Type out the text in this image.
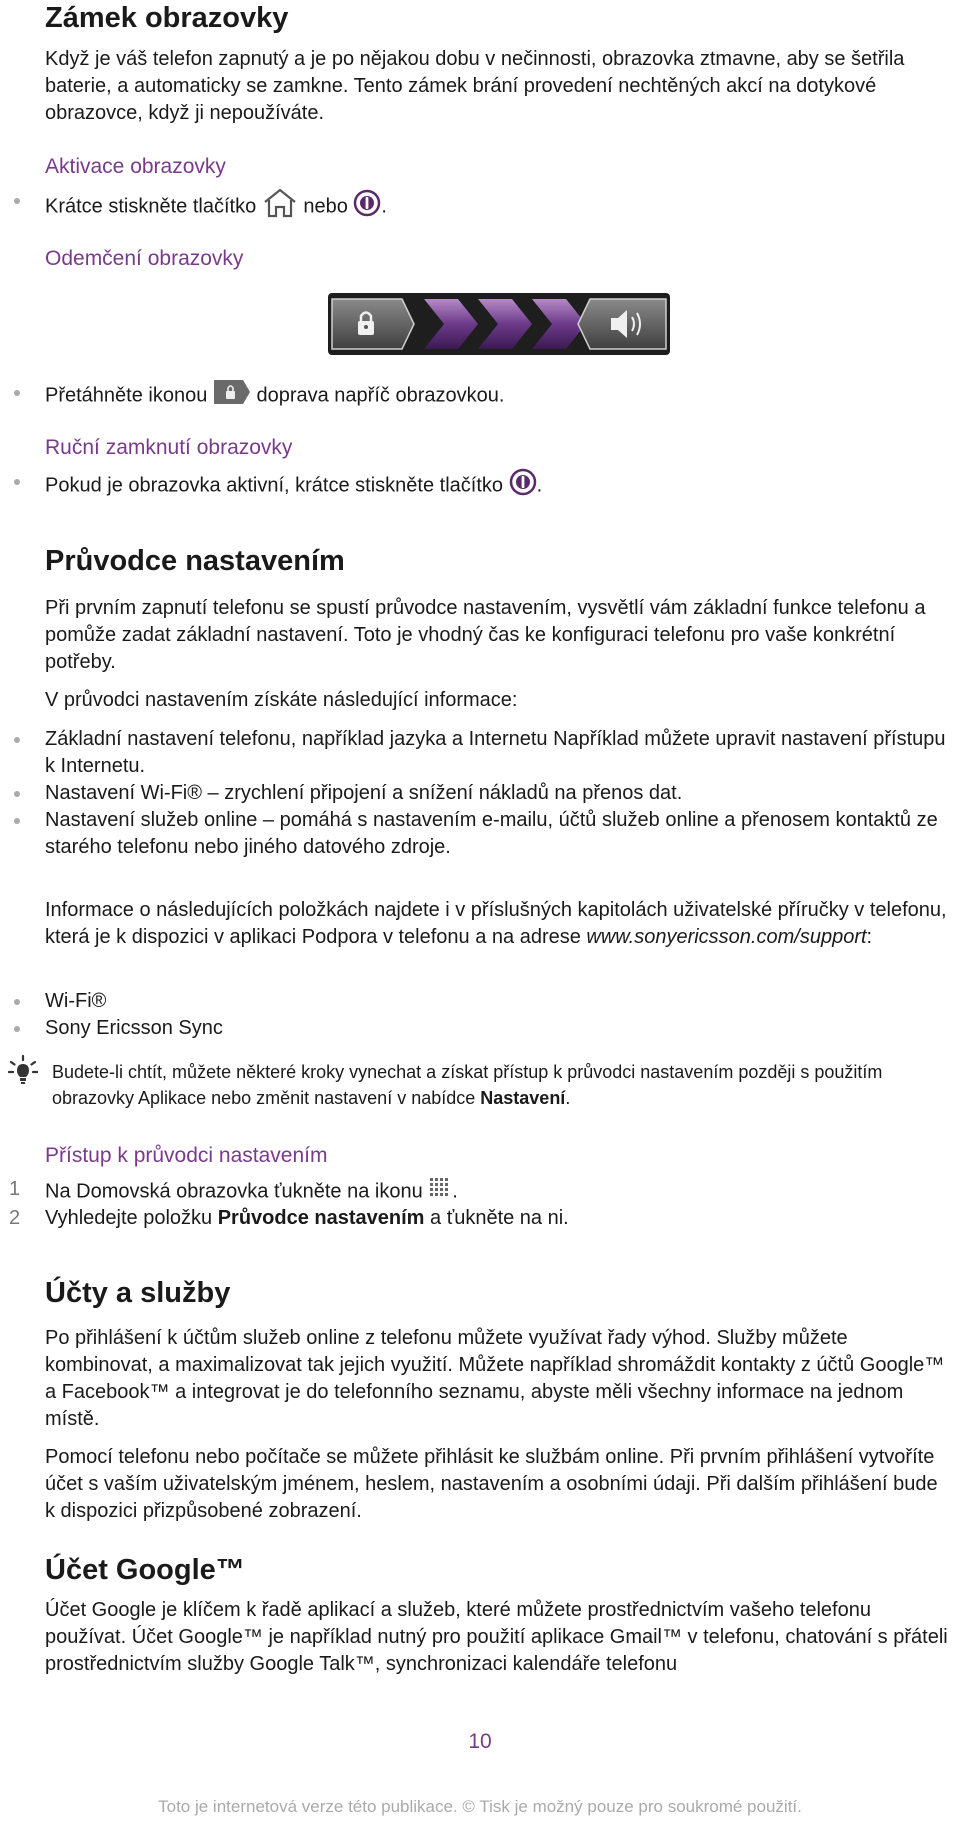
Zámek obrazovky

Když je váš telefon zapnutý a je po nějakou dobu v nečinnosti, obrazovka ztmavne, aby se šetřila baterie, a automaticky se zamkne. Tento zámek brání provedení nechtěných akcí na dotykové obrazovce, když ji nepoužíváte.

Aktivace obrazovky
Krátce stiskněte tlačítko nebo .
Odemčení obrazovky
Přetáhněte ikonou doprava napříč obrazovkou.
Ruční zamknutí obrazovky
Pokud je obrazovka aktivní, krátce stiskněte tlačítko .
Průvodce nastavením

Při prvním zapnutí telefonu se spustí průvodce nastavením, vysvětlí vám základní funkce telefonu a pomůže zadat základní nastavení. Toto je vhodný čas ke konfiguraci telefonu pro vaše konkrétní potřeby.

V průvodci nastavením získáte následující informace:

Základní nastavení telefonu, například jazyka a Internetu Například můžete upravit nastavení přístupu k Internetu.
Nastavení Wi-Fi® – zrychlení připojení a snížení nákladů na přenos dat.
Nastavení služeb online – pomáhá s nastavením e-mailu, účtů služeb online a přenosem kontaktů ze starého telefonu nebo jiného datového zdroje.

Informace o následujících položkách najdete i v příslušných kapitolách uživatelské příručky v telefonu, která je k dispozici v aplikaci Podpora v telefonu a na adrese www.sonyericsson.com/support:

Wi-Fi®
Sony Ericsson Sync
Budete-li chtít, můžete některé kroky vynechat a získat přístup k průvodci nastavením později s použitím obrazovky Aplikace nebo změnit nastavení v nabídce Nastavení.
Přístup k průvodci nastavením
1 Na Domovská obrazovka ťukněte na ikonu .
2 Vyhledejte položku Průvodce nastavením a ťukněte na ni.
Účty a služby

Po přihlášení k účtům služeb online z telefonu můžete využívat řady výhod. Služby můžete kombinovat, a maximalizovat tak jejich využití. Můžete například shromáždit kontakty z účtů Google™ a Facebook™ a integrovat je do telefonního seznamu, abyste měli všechny informace na jednom místě.

Pomocí telefonu nebo počítače se můžete přihlásit ke službám online. Při prvním přihlášení vytvoříte účet s vaším uživatelským jménem, heslem, nastavením a osobními údaji. Při dalším přihlášení bude k dispozici přizpůsobené zobrazení.

Účet Google™

Účet Google je klíčem k řadě aplikací a služeb, které můžete prostřednictvím vašeho telefonu používat. Účet Google™ je například nutný pro použití aplikace Gmail™ v telefonu, chatování s přáteli prostřednictvím služby Google Talk™, synchronizaci kalendáře telefonu

10
Toto je internetová verze této publikace. © Tisk je možný pouze pro soukromé použití.
